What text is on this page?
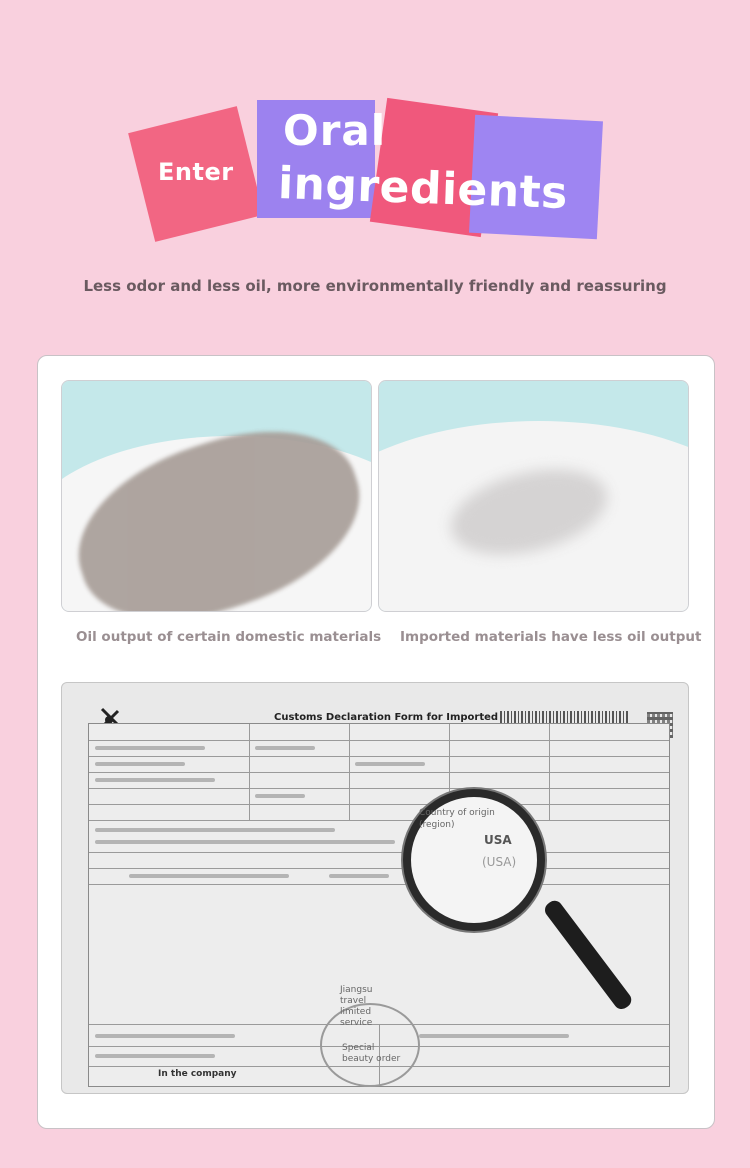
Enter
Oral
ingredients
Less odor and less oil, more environmentally friendly and reassuring
Oil output of certain domestic materials Imported materials have less oil output
Customs Declaration Form for Imported
Country of origin (region)
USA
(USA)
Jiangsu travel limited service
Special beauty order
In the company
